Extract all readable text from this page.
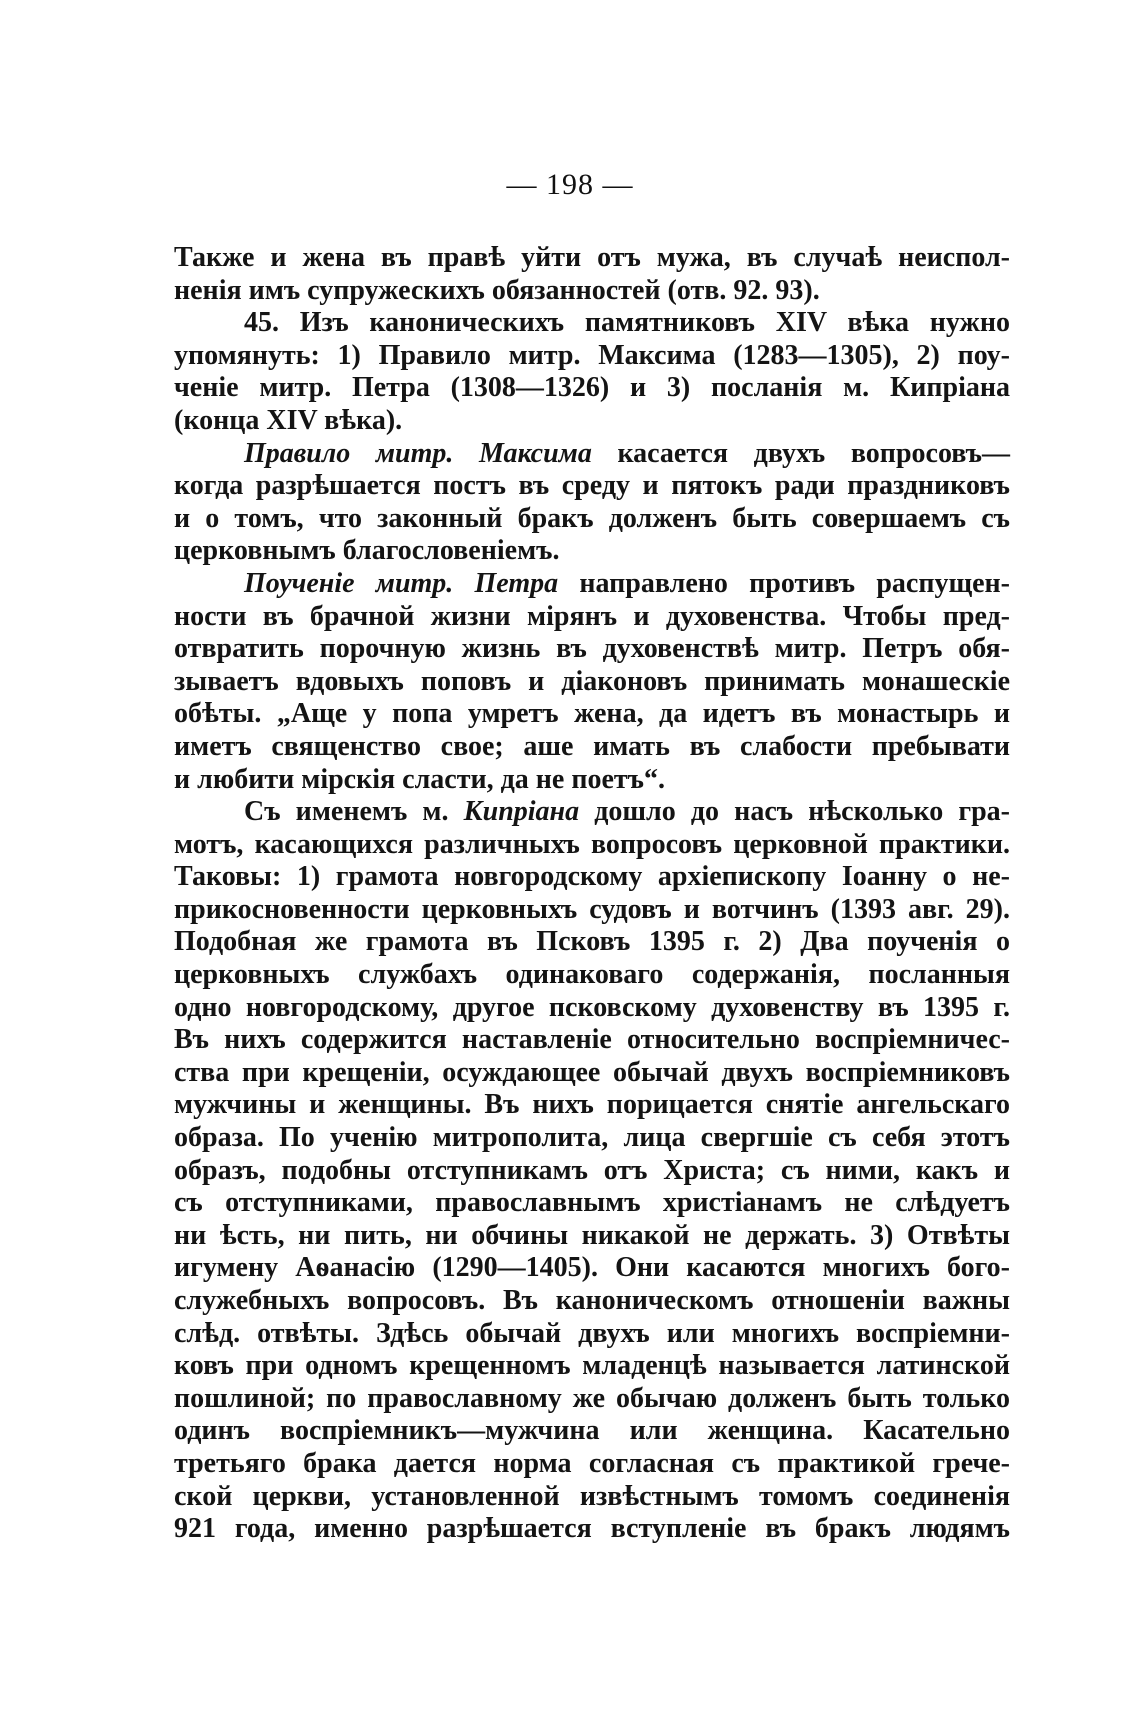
— 198 —
Также и жена въ правѣ уйти отъ мужа, въ случаѣ неиспол-
ненія имъ супружескихъ обязанностей (отв. 92. 93).
45. Изъ каноническихъ памятниковъ XIV вѣка нужно
упомянуть: 1) Правило митр. Максима (1283—1305), 2) поу-
ченіе митр. Петра (1308—1326) и 3) посланія м. Кипріана
(конца XIV вѣка).
Правило митр. Максима касается двухъ вопросовъ—
когда разрѣшается постъ въ среду и пятокъ ради праздниковъ
и о томъ, что законный бракъ долженъ быть совершаемъ съ
церковнымъ благословеніемъ.
Поученіе митр. Петра направлено противъ распущен-
ности въ брачной жизни мірянъ и духовенства. Чтобы пред-
отвратить порочную жизнь въ духовенствѣ митр. Петръ обя-
зываетъ вдовыхъ поповъ и діаконовъ принимать монашескіе
обѣты. „Аще у попа умретъ жена, да идетъ въ монастырь и
иметъ священство свое; аше имать въ слабости пребывати
и любити мірскія сласти, да не поетъ“.
Съ именемъ м. Кипріана дошло до насъ нѣсколько гра-
мотъ, касающихся различныхъ вопросовъ церковной практики.
Таковы: 1) грамота новгородскому архіепископу Іоанну о не-
прикосновенности церковныхъ судовъ и вотчинъ (1393 авг. 29).
Подобная же грамота въ Псковъ 1395 г. 2) Два поученія о
церковныхъ службахъ одинаковаго содержанія, посланныя
одно новгородскому, другое псковскому духовенству въ 1395 г.
Въ нихъ содержится наставленіе относительно воспріемничес-
ства при крещеніи, осуждающее обычай двухъ воспріемниковъ
мужчины и женщины. Въ нихъ порицается снятіе ангельскаго
образа. По ученію митрополита, лица свергшіе съ себя этотъ
образъ, подобны отступникамъ отъ Христа; съ ними, какъ и
съ отступниками, православнымъ христіанамъ не слѣдуетъ
ни ѣсть, ни пить, ни обчины никакой не держать. 3) Отвѣты
игумену Аѳанасію (1290—1405). Они касаются многихъ бого-
служебныхъ вопросовъ. Въ каноническомъ отношеніи важны
слѣд. отвѣты. Здѣсь обычай двухъ или многихъ воспріемни-
ковъ при одномъ крещенномъ младенцѣ называется латинской
пошлиной; по православному же обычаю долженъ быть только
одинъ воспріемникъ—мужчина или женщина. Касательно
третьяго брака дается норма согласная съ практикой грече-
ской церкви, установленной извѣстнымъ томомъ соединенія
921 года, именно разрѣшается вступленіе въ бракъ людямъ
